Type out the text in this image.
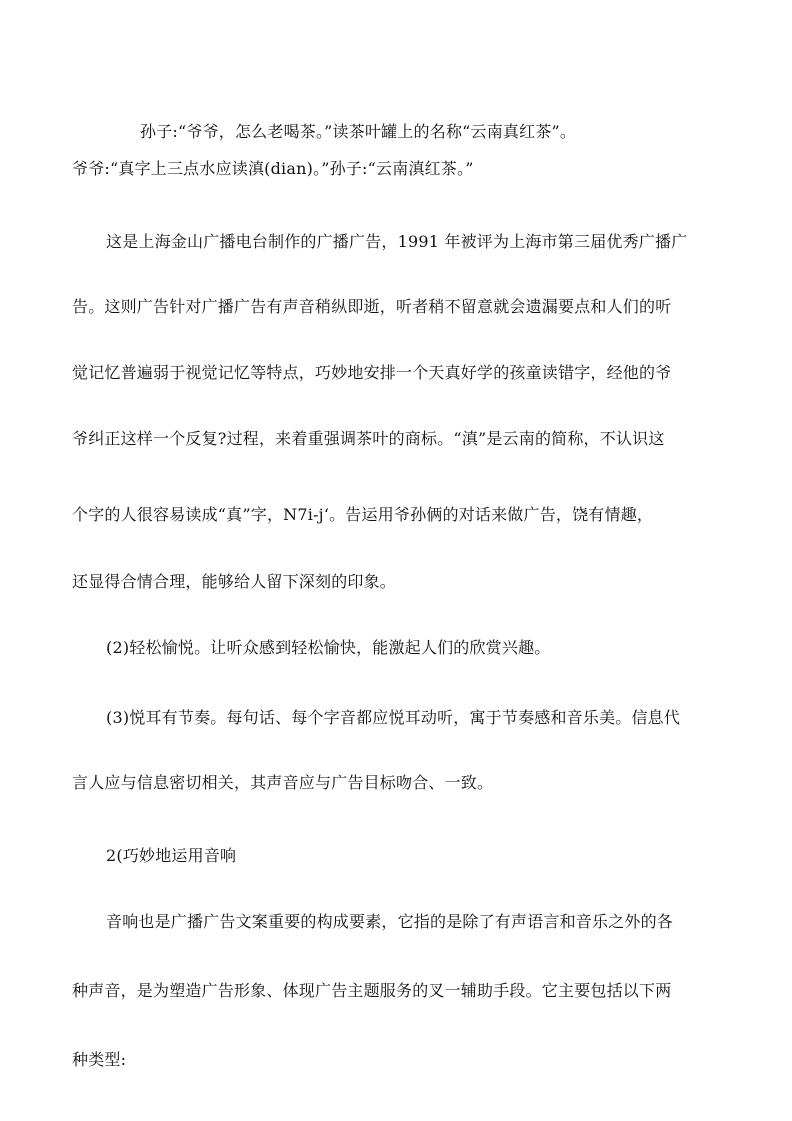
孙子:“爷爷，怎么老喝茶。”读茶叶罐上的名称“云南真红茶”。
爷爷:“真字上三点水应读滇(dian)。”孙子:“云南滇红茶。”
这是上海金山广播电台制作的广播广告，1991 年被评为上海市第三届优秀广播广
告。这则广告针对广播广告有声音稍纵即逝，听者稍不留意就会遗漏要点和人们的听
觉记忆普遍弱于视觉记忆等特点，巧妙地安排一个天真好学的孩童读错字，经他的爷
爷纠正这样一个反复?过程，来着重强调茶叶的商标。“滇”是云南的简称，不认识这
个字的人很容易读成“真”字，N7i-j‘。告运用爷孙俩的对话来做广告，饶有情趣，
还显得合情合理，能够给人留下深刻的印象。
(2)轻松愉悦。让听众感到轻松愉快，能激起人们的欣赏兴趣。
(3)悦耳有节奏。每句话、每个字音都应悦耳动听，寓于节奏感和音乐美。信息代
言人应与信息密切相关，其声音应与广告目标吻合、一致。
2(巧妙地运用音响
音响也是广播广告文案重要的构成要素，它指的是除了有声语言和音乐之外的各
种声音，是为塑造广告形象、体现广告主题服务的叉一辅助手段。它主要包括以下两
种类型:
